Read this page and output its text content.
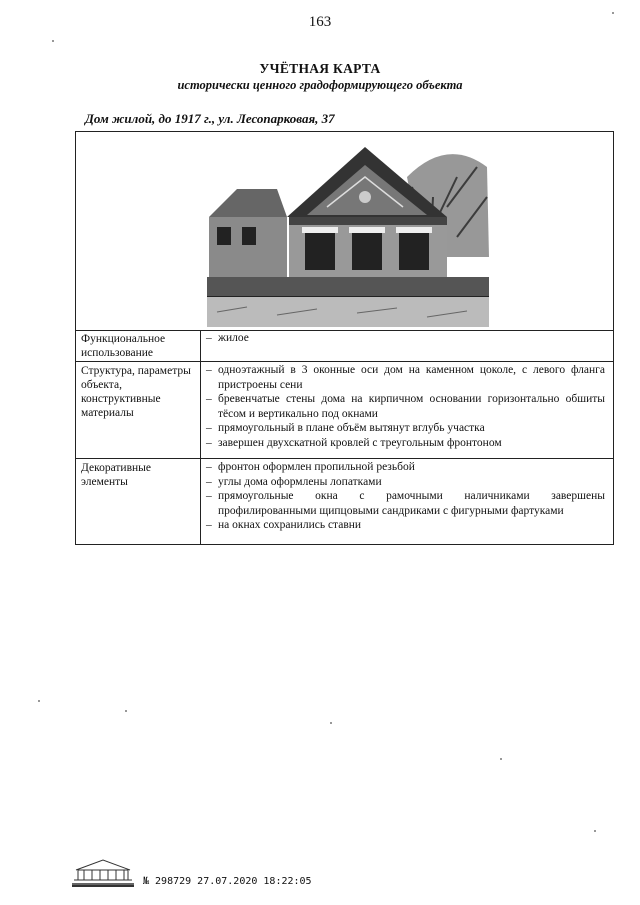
163
УЧЁТНАЯ КАРТА
исторически ценного градоформирующего объекта
Дом жилой, до 1917 г., ул. Лесопарковая, 37
Функциональное использование
– жилое
Структура, параметры объекта, конструктивные материалы
– одноэтажный в 3 оконные оси дом на каменном цоколе, с левого фланга пристроены сени
– бревенчатые стены дома на кирпичном основании горизонтально обшиты тёсом и вертикально под окнами
– прямоугольный в плане объём вытянут вглубь участка
– завершен двухскатной кровлей с треугольным фронтоном
Декоративные элементы
– фронтон оформлен пропильной резьбой
– углы дома оформлены лопатками
– прямоугольные окна с рамочными наличниками завершены профилированными щипцовыми сандриками с фигурными фартуками
– на окнах сохранились ставни
№ 298729 27.07.2020 18:22:05
